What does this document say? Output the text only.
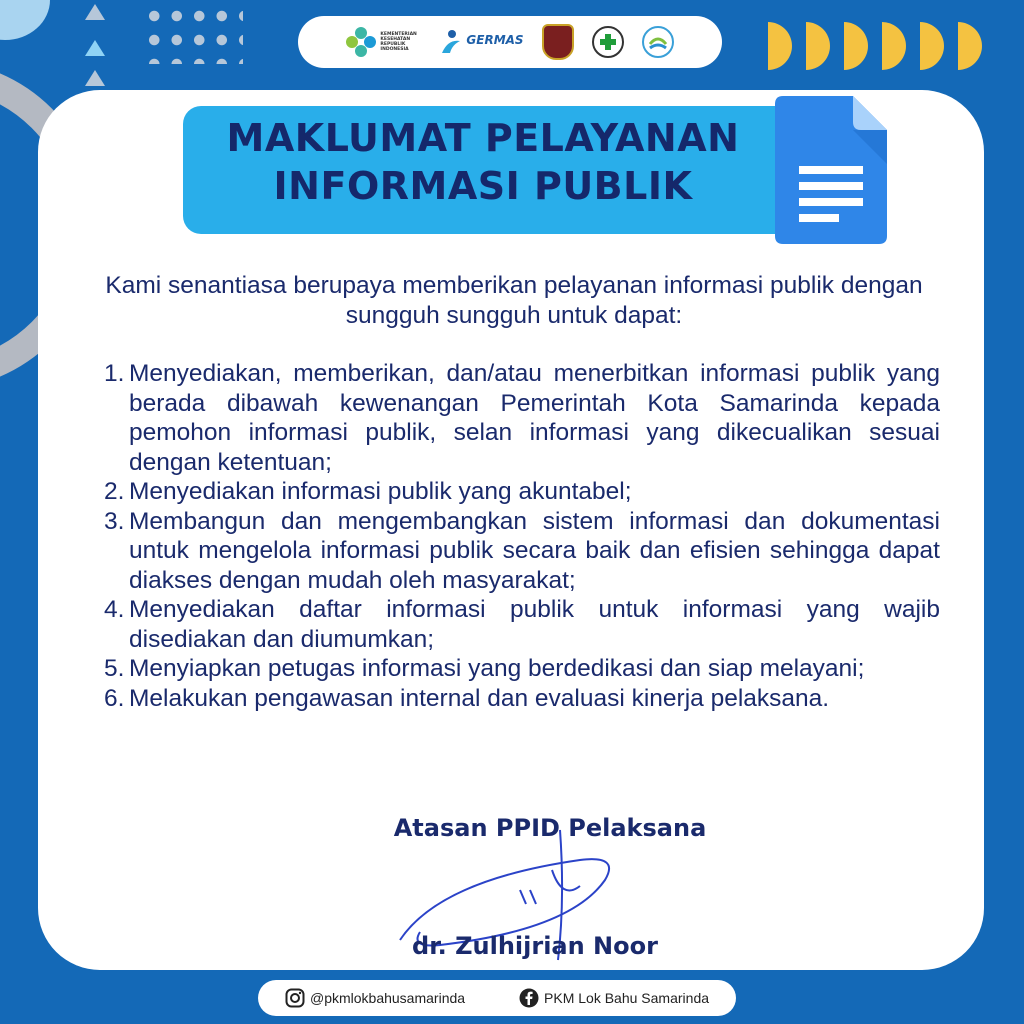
KEMENTERIAN KESEHATAN REPUBLIK INDONESIA
GERMAS

MAKLUMAT PELAYANAN
INFORMASI PUBLIK

Kami senantiasa berupaya memberikan pelayanan informasi publik dengan sungguh sungguh untuk dapat:

1. Menyediakan, memberikan, dan/atau menerbitkan informasi publik yang berada dibawah kewenangan Pemerintah Kota Samarinda kepada pemohon informasi publik, selan informasi yang dikecualikan sesuai dengan ketentuan;
2. Menyediakan informasi publik yang akuntabel;
3. Membangun dan mengembangkan sistem informasi dan dokumentasi untuk mengelola informasi publik secara baik dan efisien sehingga dapat diakses dengan mudah oleh masyarakat;
4. Menyediakan daftar informasi publik untuk informasi yang wajib disediakan dan diumumkan;
5. Menyiapkan petugas informasi yang berdedikasi dan siap melayani;
6. Melakukan pengawasan internal dan evaluasi kinerja pelaksana.

Atasan PPID Pelaksana

dr. Zulhijrian Noor

@pkmlokbahusamarinda	PKM Lok Bahu Samarinda
